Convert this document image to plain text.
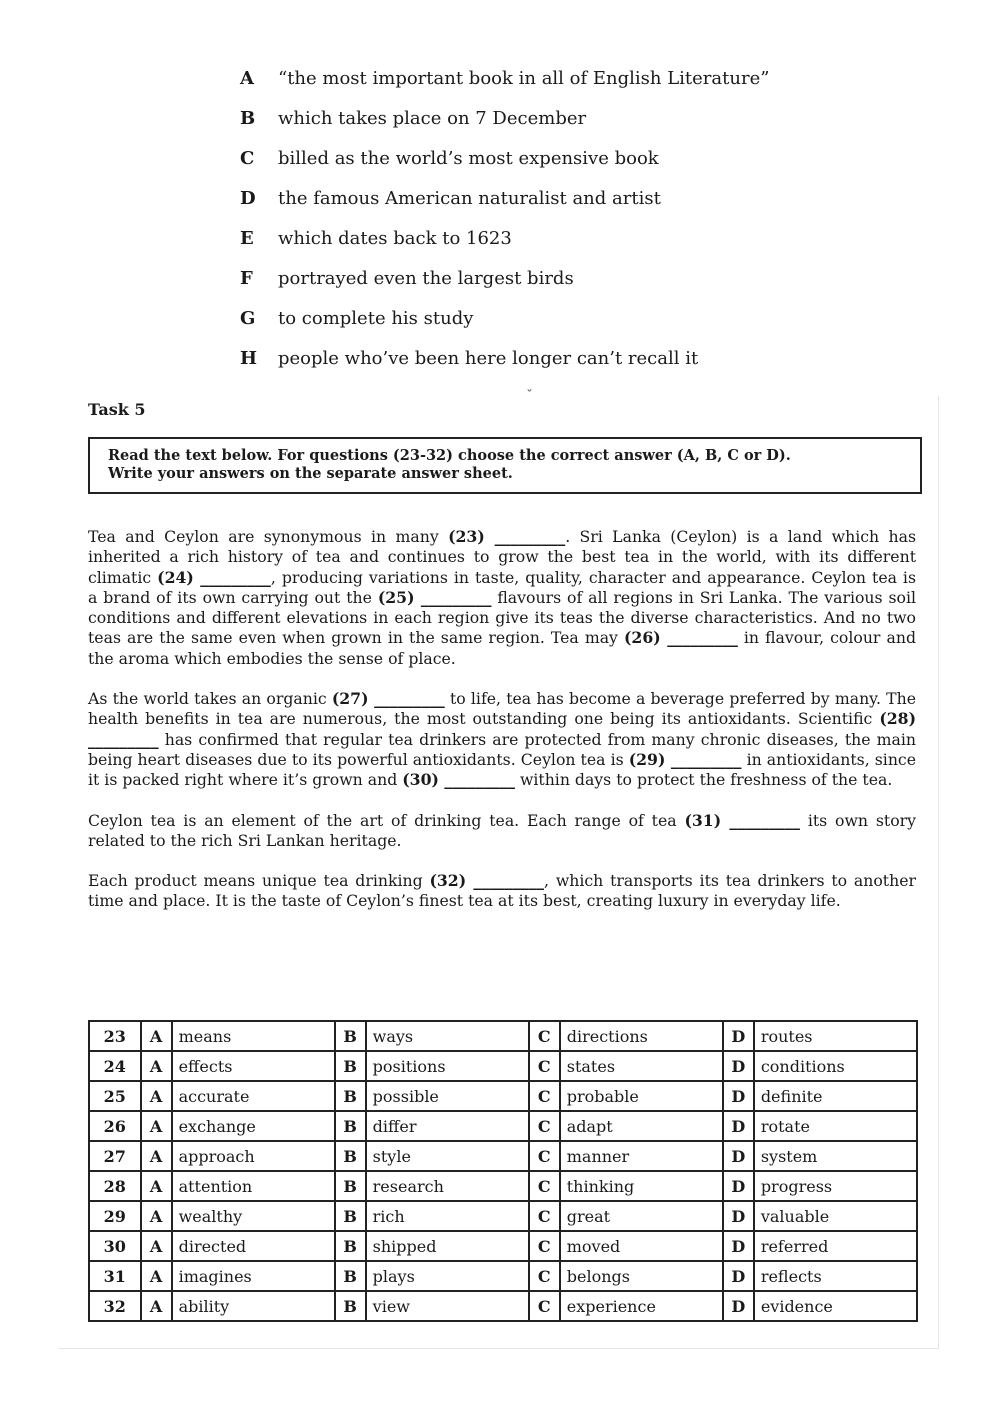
A	“the most important book in all of English Literature”
B	which takes place on 7 December
C	billed as the world’s most expensive book
D	the famous American naturalist and artist
E	which dates back to 1623
F	portrayed even the largest birds
G	to complete his study
H	people who’ve been here longer can’t recall it
ˇ
Task 5
Read the text below. For questions (23-32) choose the correct answer (A, B, C or D).
Write your answers on the separate answer sheet.

Tea and Ceylon are synonymous in many (23) _________. Sri Lanka (Ceylon) is a land which has inherited a rich history of tea and continues to grow the best tea in the world, with its different climatic (24) _________, producing variations in taste, quality, character and appearance. Ceylon tea is a brand of its own carrying out the (25) _________ flavours of all regions in Sri Lanka. The various soil conditions and different elevations in each region give its teas the diverse characteristics. And no two teas are the same even when grown in the same region. Tea may (26) _________ in flavour, colour and the aroma which embodies the sense of place.

As the world takes an organic (27) _________ to life, tea has become a beverage preferred by many. The health benefits in tea are numerous, the most outstanding one being its antioxidants. Scientific (28) _________ has confirmed that regular tea drinkers are protected from many chronic diseases, the main being heart diseases due to its powerful antioxidants. Ceylon tea is (29) _________ in antioxidants, since it is packed right where it’s grown and (30) _________ within days to protect the freshness of the tea.

Ceylon tea is an element of the art of drinking tea. Each range of tea (31) _________ its own story related to the rich Sri Lankan heritage.

Each product means unique tea drinking (32) _________, which transports its tea drinkers to another time and place. It is the taste of Ceylon’s finest tea at its best, creating luxury in everyday life.

23	A	means	B	ways	C	directions	D	routes
24	A	effects	B	positions	C	states	D	conditions
25	A	accurate	B	possible	C	probable	D	definite
26	A	exchange	B	differ	C	adapt	D	rotate
27	A	approach	B	style	C	manner	D	system
28	A	attention	B	research	C	thinking	D	progress
29	A	wealthy	B	rich	C	great	D	valuable
30	A	directed	B	shipped	C	moved	D	referred
31	A	imagines	B	plays	C	belongs	D	reflects
32	A	ability	B	view	C	experience	D	evidence
